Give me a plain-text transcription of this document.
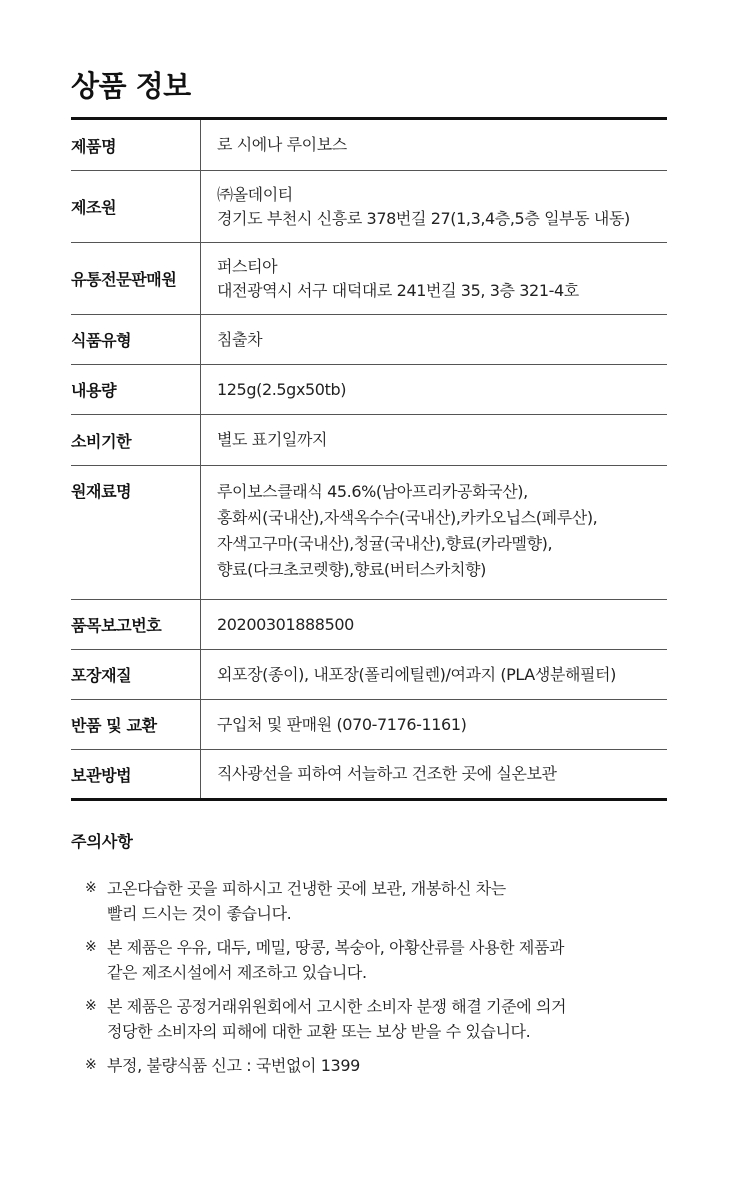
상품 정보
제품명	로 시에나 루이보스

제조원	㈜올데이티
경기도 부천시 신흥로 378번길 27(1,3,4층,5층 일부동 내동)

유통전문판매원	퍼스티아
대전광역시 서구 대덕대로 241번길 35, 3층 321-4호

식품유형	침출차

내용량	125g(2.5gx50tb)

소비기한	별도 표기일까지

원재료명	루이보스클래식 45.6%(남아프리카공화국산),
홍화씨(국내산),자색옥수수(국내산),카카오닙스(페루산),
자색고구마(국내산),청귤(국내산),향료(카라멜향),
향료(다크초코렛향),향료(버터스카치향)

품목보고번호	20200301888500

포장재질	외포장(종이), 내포장(폴리에틸렌)/여과지 (PLA생분해필터)

반품 및 교환	구입처 및 판매원 (070-7176-1161)

보관방법	직사광선을 피하여 서늘하고 건조한 곳에 실온보관
주의사항
※ 고온다습한 곳을 피하시고 건냉한 곳에 보관, 개봉하신 차는
빨리 드시는 것이 좋습니다.
※ 본 제품은 우유, 대두, 메밀, 땅콩, 복숭아, 아황산류를 사용한 제품과
같은 제조시설에서 제조하고 있습니다.
※ 본 제품은 공정거래위원회에서 고시한 소비자 분쟁 해결 기준에 의거
정당한 소비자의 피해에 대한 교환 또는 보상 받을 수 있습니다.
※ 부정, 불량식품 신고 : 국번없이 1399
